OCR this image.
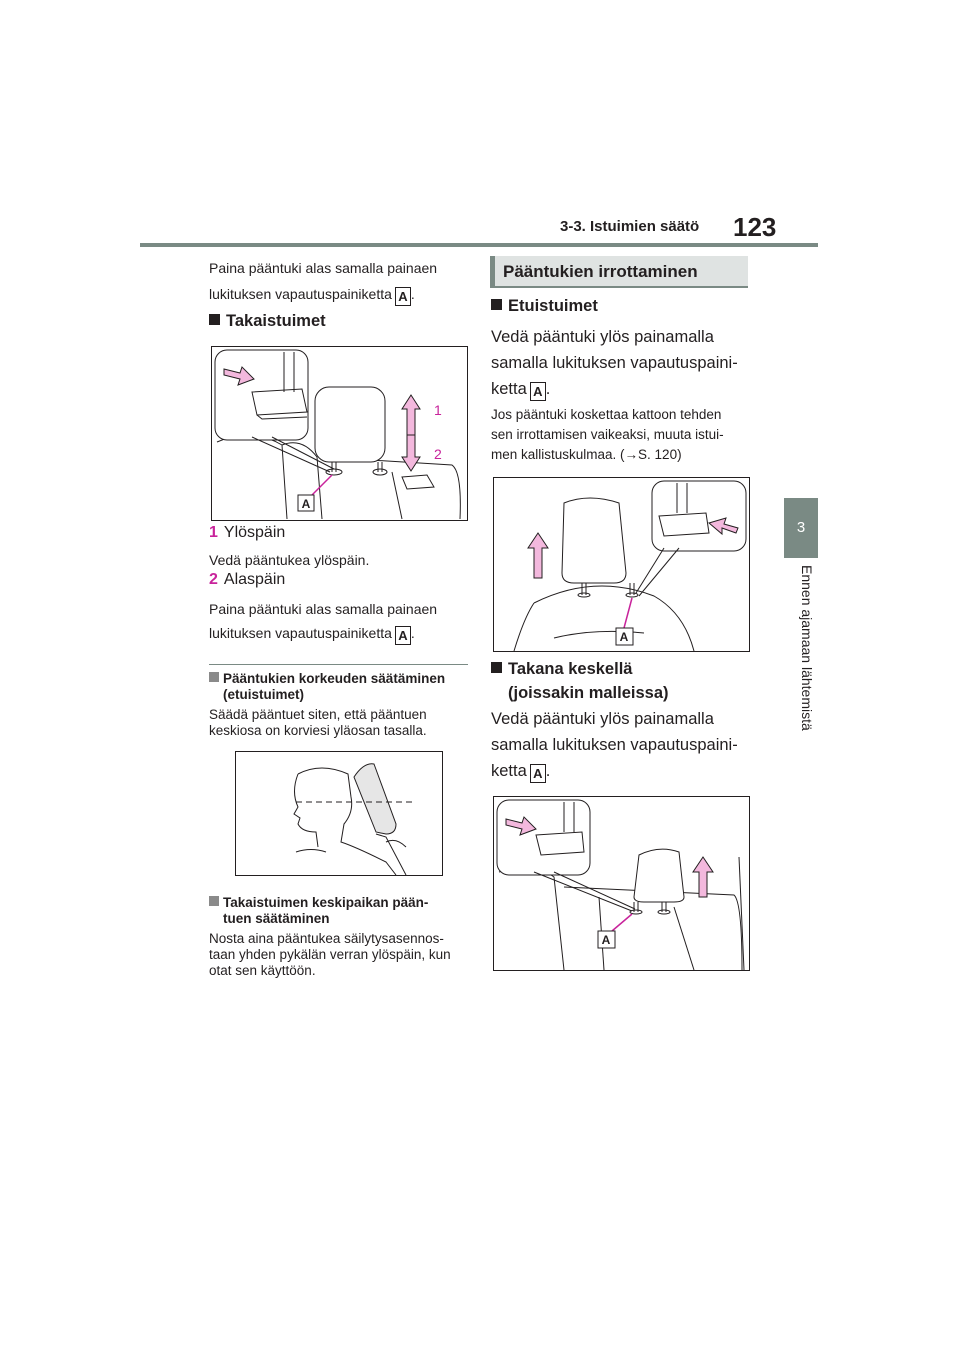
3-3. Istuimien säätö 123
3
Ennen ajamaan lähtemistä
Paina pääntuki alas samalla painaen
lukituksen vapautuspainiketta A .
Takaistuimet
A
1
2
1 Ylöspäin
Vedä pääntukea ylöspäin.
2 Alaspäin
Paina pääntuki alas samalla painaen
lukituksen vapautuspainiketta A .
Pääntukien korkeuden säätäminen
(etuistuimet)
Säädä pääntuet siten, että pääntuen
keskiosa on korviesi yläosan tasalla.
Takaistuimen keskipaikan pään-
tuen säätäminen
Nosta aina pääntukea säilytysasennos-
taan yhden pykälän verran ylöspäin, kun
otat sen käyttöön.
Pääntukien irrottaminen
Etuistuimet
Vedä pääntuki ylös painamalla
samalla lukituksen vapautuspaini-
ketta A .
Jos pääntuki koskettaa kattoon tehden
sen irrottamisen vaikeaksi, muuta istui-
men kallistuskulmaa. (→S. 120)
A
Takana keskellä
(joissakin malleissa)
Vedä pääntuki ylös painamalla
samalla lukituksen vapautuspaini-
ketta A .
A
